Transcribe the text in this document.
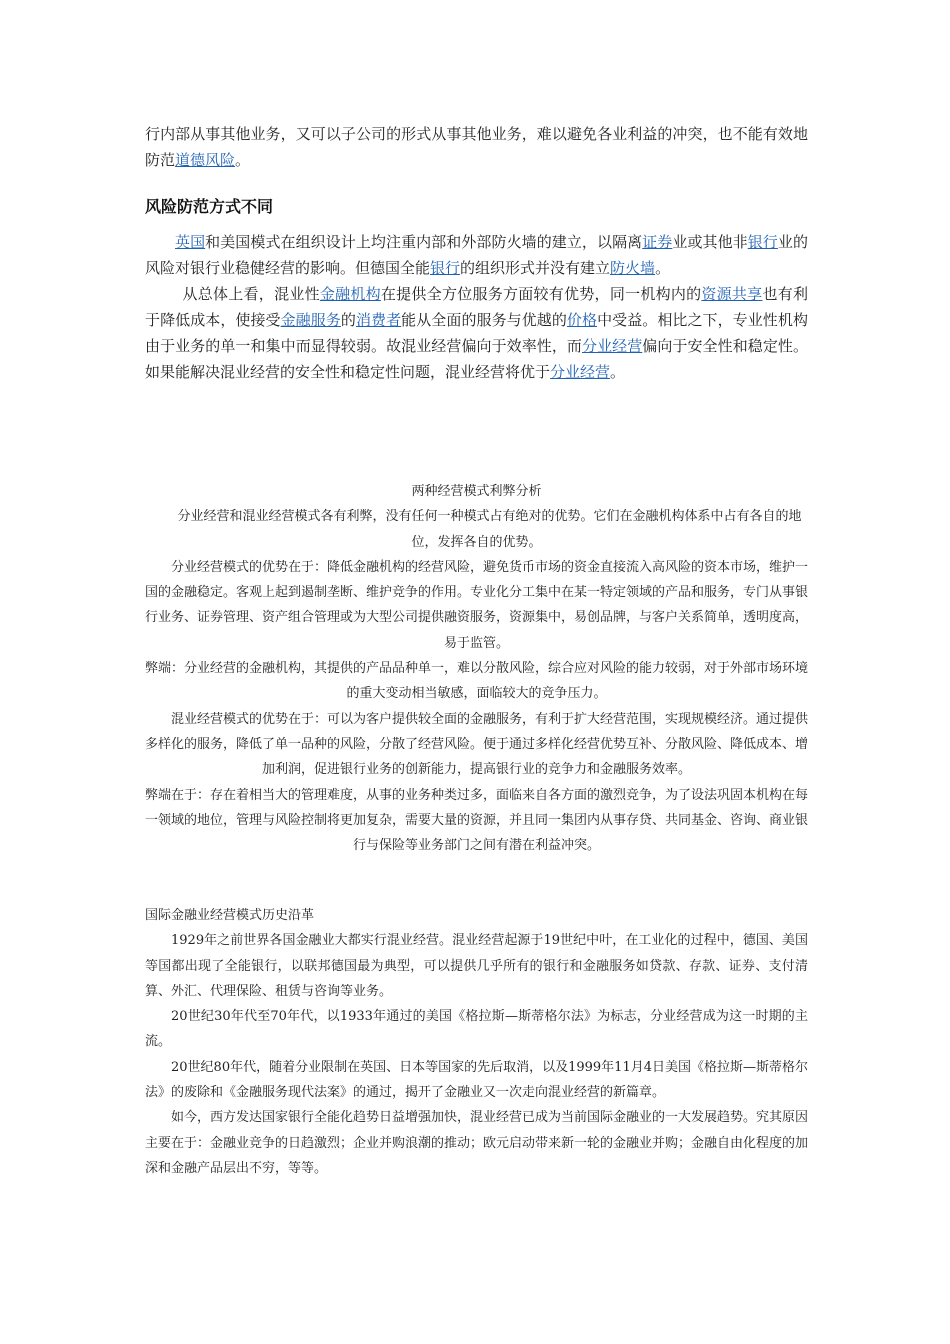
行内部从事其他业务，又可以子公司的形式从事其他业务，难以避免各业利益的冲突，也不能有效地防范道德风险。

风险防范方式不同

英国和美国模式在组织设计上均注重内部和外部防火墙的建立，以隔离证券业或其他非银行业的风险对银行业稳健经营的影响。但德国全能银行的组织形式并没有建立防火墙。

从总体上看，混业性金融机构在提供全方位服务方面较有优势，同一机构内的资源共享也有利于降低成本，使接受金融服务的消费者能从全面的服务与优越的价格中受益。相比之下，专业性机构由于业务的单一和集中而显得较弱。故混业经营偏向于效率性，而分业经营偏向于安全性和稳定性。如果能解决混业经营的安全性和稳定性问题，混业经营将优于分业经营。

两种经营模式利弊分析

分业经营和混业经营模式各有利弊，没有任何一种模式占有绝对的优势。它们在金融机构体系中占有各自的地位，发挥各自的优势。

分业经营模式的优势在于：降低金融机构的经营风险，避免货币市场的资金直接流入高风险的资本市场，维护一国的金融稳定。客观上起到遏制垄断、维护竞争的作用。专业化分工集中在某一特定领域的产品和服务，专门从事银行业务、证券管理、资产组合管理或为大型公司提供融资服务，资源集中，易创品牌，与客户关系简单，透明度高，易于监管。

弊端：分业经营的金融机构，其提供的产品品种单一，难以分散风险，综合应对风险的能力较弱，对于外部市场环境的重大变动相当敏感，面临较大的竞争压力。

混业经营模式的优势在于：可以为客户提供较全面的金融服务，有利于扩大经营范围，实现规模经济。通过提供多样化的服务，降低了单一品种的风险，分散了经营风险。便于通过多样化经营优势互补、分散风险、降低成本、增加利润，促进银行业务的创新能力，提高银行业的竞争力和金融服务效率。

弊端在于：存在着相当大的管理难度，从事的业务种类过多，面临来自各方面的激烈竞争，为了设法巩固本机构在每一领域的地位，管理与风险控制将更加复杂，需要大量的资源，并且同一集团内从事存贷、共同基金、咨询、商业银行与保险等业务部门之间有潜在利益冲突。

国际金融业经营模式历史沿革

1929年之前世界各国金融业大都实行混业经营。混业经营起源于19世纪中叶，在工业化的过程中，德国、美国等国都出现了全能银行，以联邦德国最为典型，可以提供几乎所有的银行和金融服务如贷款、存款、证券、支付清算、外汇、代理保险、租赁与咨询等业务。

20世纪30年代至70年代，以1933年通过的美国《格拉斯—斯蒂格尔法》为标志，分业经营成为这一时期的主流。

20世纪80年代，随着分业限制在英国、日本等国家的先后取消，以及1999年11月4日美国《格拉斯—斯蒂格尔法》的废除和《金融服务现代法案》的通过，揭开了金融业又一次走向混业经营的新篇章。

如今，西方发达国家银行全能化趋势日益增强加快，混业经营已成为当前国际金融业的一大发展趋势。究其原因主要在于：金融业竞争的日趋激烈；企业并购浪潮的推动；欧元启动带来新一轮的金融业并购；金融自由化程度的加深和金融产品层出不穷，等等。
